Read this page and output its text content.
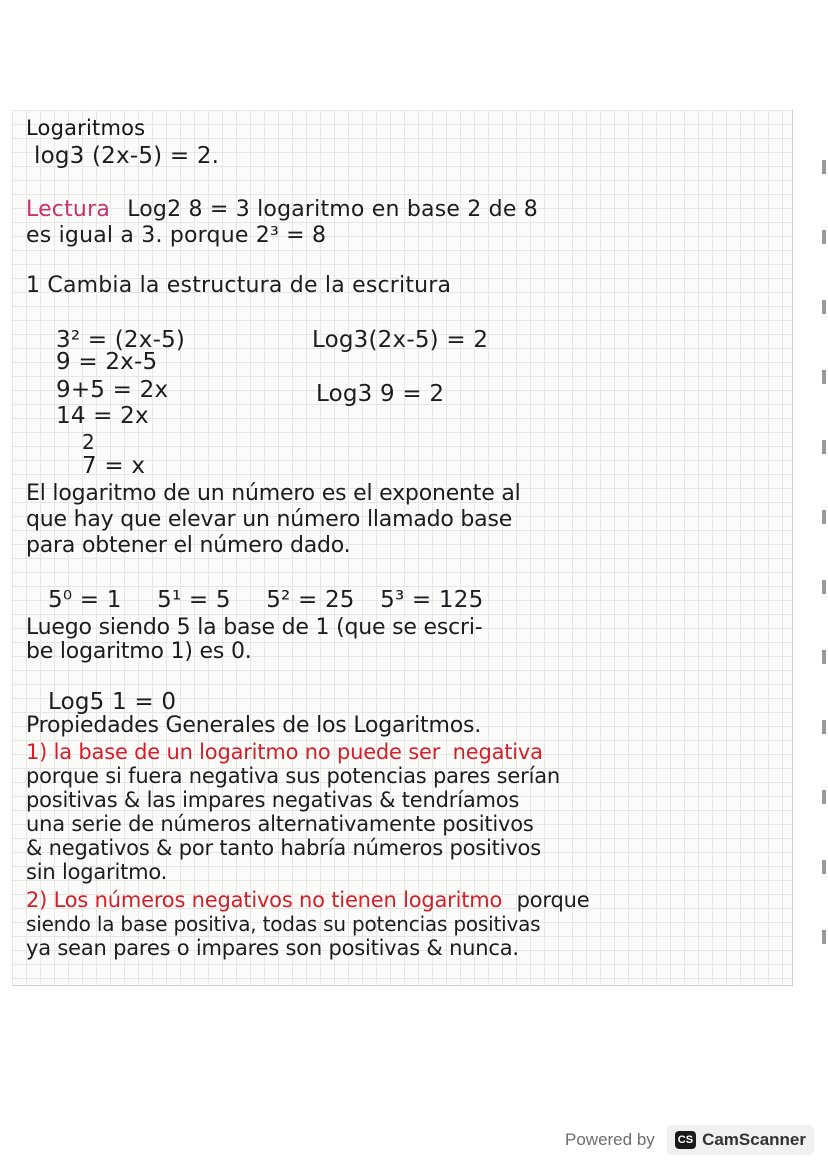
Logaritmos
log3 (2x-5) = 2.
Lectura Log2 8 = 3 logaritmo en base 2 de 8
es igual a 3. porque 2³ = 8
1 Cambia la estructura de la escritura
3² = (2x-5)
9 = 2x-5
9+5 = 2x
14 = 2x
2
7 = x
Log3(2x-5) = 2
Log3 9 = 2
El logaritmo de un número es el exponente al
que hay que elevar un número llamado base
para obtener el número dado.
5⁰ = 1 5¹ = 5 5² = 25 5³ = 125
Luego siendo 5 la base de 1 (que se escri-
be logaritmo 1) es 0.
Log5 1 = 0
Propiedades Generales de los Logaritmos.
1) la base de un logaritmo no puede ser negativa
porque si fuera negativa sus potencias pares serían
positivas & las impares negativas & tendríamos
una serie de números alternativamente positivos
& negativos & por tanto habría números positivos
sin logaritmo.
2) Los números negativos no tienen logaritmo porque
siendo la base positiva, todas su potencias positivas
ya sean pares o impares son positivas & nunca.
Powered by CS CamScanner
